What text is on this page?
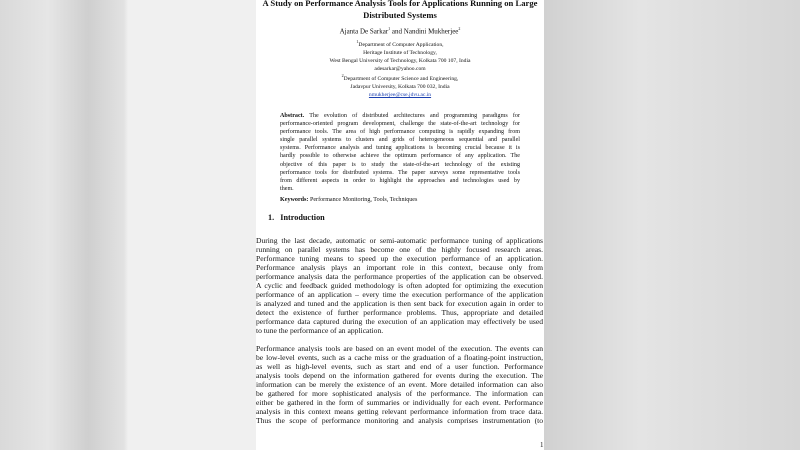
A Study on Performance Analysis Tools for Applications Running on Large
Distributed Systems
Ajanta De Sarkar$^1$ and Nandini Mukherjee$^2$
$^1$Department of Computer Application,
Heritage Institute of Technology,
West Bengal University of Technology, Kolkata 700 107, India
adesarkar@yahoo.com
$^2$Department of Computer Science and Engineering,
Jadavpur University, Kolkata 700 032, India
nmukherjee@cse.jdvu.ac.in
Abstract. The evolution of distributed architectures and programming paradigms for
performance-oriented program development, challenge the state-of-the-art technology for
performance tools. The area of high performance computing is rapidly expanding from
single parallel systems to clusters and grids of heterogeneous sequential and parallel
systems. Performance analysis and tuning applications is becoming crucial because it is
hardly possible to otherwise achieve the optimum performance of any application. The
objective of this paper is to study the state-of-the-art technology of the existing
performance tools for distributed systems. The paper surveys some representative tools
from different aspects in order to highlight the approaches and technologies used by
them.
Keywords: Performance Monitoring, Tools, Techniques
1.   Introduction
During the last decade, automatic or semi-automatic performance tuning of applications
running on parallel systems has become one of the highly focused research areas.
Performance tuning means to speed up the execution performance of an application.
Performance analysis plays an important role in this context, because only from
performance analysis data the performance properties of the application can be observed.
A cyclic and feedback guided methodology is often adopted for optimizing the execution
performance of an application – every time the execution performance of the application
is analyzed and tuned and the application is then sent back for execution again in order to
detect the existence of further performance problems. Thus, appropriate and detailed
performance data captured during the execution of an application may effectively be used
to tune the performance of an application.
Performance analysis tools are based on an event model of the execution. The events can
be low-level events, such as a cache miss or the graduation of a floating-point instruction,
as well as high-level events, such as start and end of a user function. Performance
analysis tools depend on the information gathered for events during the execution. The
information can be merely the existence of an event. More detailed information can also
be gathered for more sophisticated analysis of the performance. The information can
either be gathered in the form of summaries or individually for each event. Performance
analysis in this context means getting relevant performance information from trace data.
Thus the scope of performance monitoring and analysis comprises instrumentation (to
1
